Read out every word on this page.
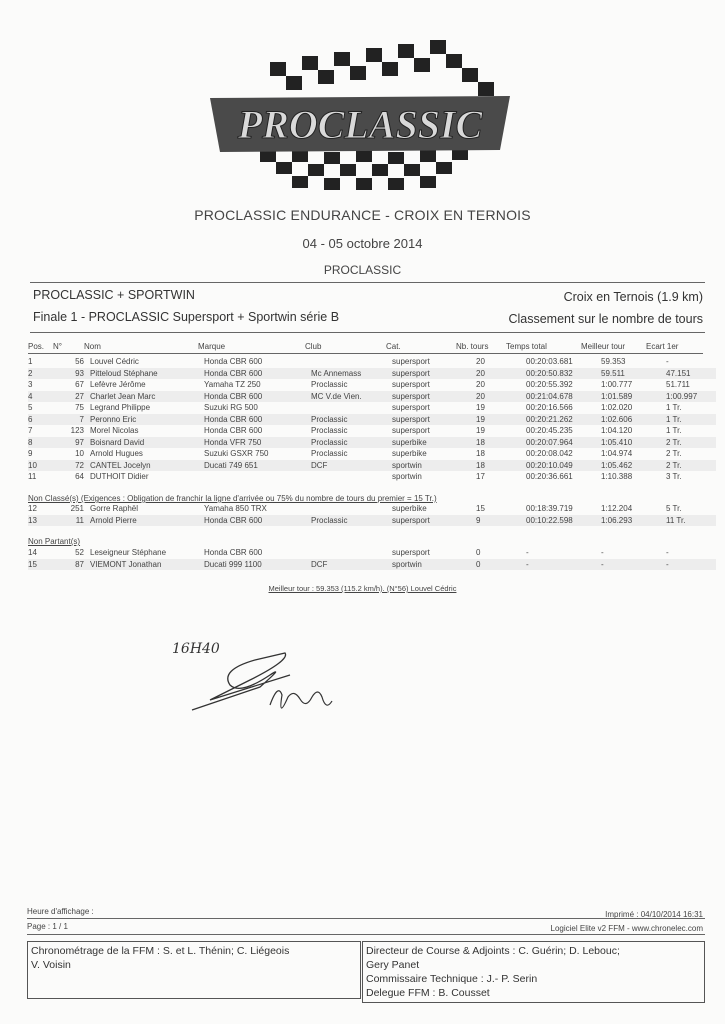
PROCLASSIC
PROCLASSIC ENDURANCE - CROIX EN TERNOIS
04 - 05 octobre 2014
PROCLASSIC
PROCLASSIC + SPORTWIN	Croix en Ternois (1.9 km)
Finale 1 - PROCLASSIC Supersport + Sportwin série B	Classement sur le nombre de tours
Pos.	N°	Nom	Marque	Club	Cat.	Nb. tours	Temps total	Meilleur tour	Ecart 1er
1	56	Louvel Cédric	Honda CBR 600		supersport	20	00:20:03.681	59.353	-
2	93	Pitteloud Stéphane	Honda CBR 600	Mc Annemass	supersport	20	00:20:50.832	59.511	47.151
3	67	Lefèvre Jérôme	Yamaha TZ 250	Proclassic	supersport	20	00:20:55.392	1:00.777	51.711
4	27	Charlet Jean Marc	Honda CBR 600	MC V.de Vien.	supersport	20	00:21:04.678	1:01.589	1:00.997
5	75	Legrand Philippe	Suzuki RG 500		supersport	19	00:20:16.566	1:02.020	1 Tr.
6	7	Peronno Eric	Honda CBR 600	Proclassic	supersport	19	00:20:21.262	1:02.606	1 Tr.
7	123	Morel Nicolas	Honda CBR 600	Proclassic	supersport	19	00:20:45.235	1:04.120	1 Tr.
8	97	Boisnard David	Honda VFR 750	Proclassic	superbike	18	00:20:07.964	1:05.410	2 Tr.
9	10	Arnold Hugues	Suzuki GSXR 750	Proclassic	superbike	18	00:20:08.042	1:04.974	2 Tr.
10	72	CANTEL Jocelyn	Ducati 749 651	DCF	sportwin	18	00:20:10.049	1:05.462	2 Tr.
11	64	DUTHOIT Didier			sportwin	17	00:20:36.661	1:10.388	3 Tr.
Non Classé(s) (Exigences : Obligation de franchir la ligne d'arrivée ou 75% du nombre de tours du premier = 15 Tr.)
12	251	Gorre Raphël	Yamaha 850 TRX		superbike	15	00:18:39.719	1:12.204	5 Tr.
13	11	Arnold Pierre	Honda CBR 600	Proclassic	supersport	9	00:10:22.598	1:06.293	11 Tr.
Non Partant(s)
14	52	Leseigneur Stéphane	Honda CBR 600		supersport	0	-	-	-
15	87	VIEMONT Jonathan	Ducati 999 1100	DCF	sportwin	0	-	-	-
Meilleur tour : 59.353 (115.2 km/h). (N°56) Louvel Cédric
16H40
Heure d'affichage :	Imprimé : 04/10/2014 16:31
Page : 1 / 1	Logiciel Elite v2 FFM - www.chronelec.com
Chronométrage de la FFM : S. et L. Thénin; C. Liégeois
V. Voisin
Directeur de Course & Adjoints : C. Guérin; D. Lebouc;
Gery Panet
Commissaire Technique : J.- P. Serin
Delegue FFM : B. Cousset
